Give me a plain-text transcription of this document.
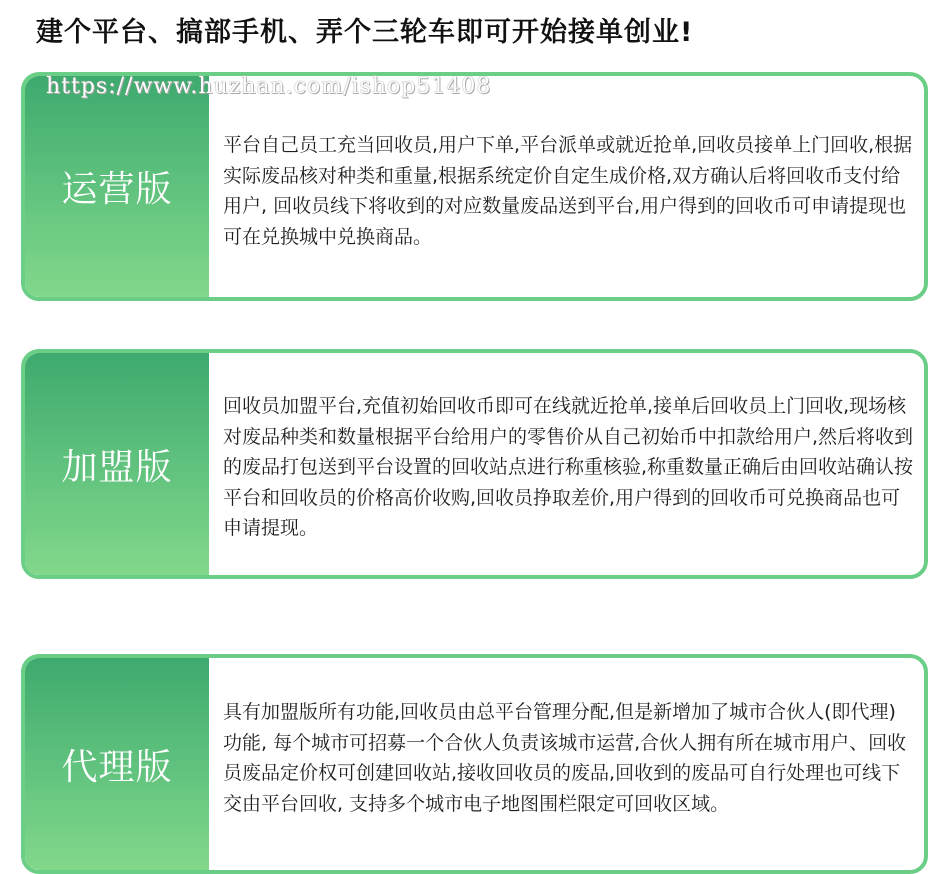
建个平台、搞部手机、弄个三轮车即可开始接单创业!
https://www.huzhan.com/ishop51408
运营版
平台自己员工充当回收员,用户下单,平台派单或就近抢单,回收员接单上门回收,根据实际废品核对种类和重量,根据系统定价自定生成价格,双方确认后将回收币支付给用户, 回收员线下将收到的对应数量废品送到平台,用户得到的回收币可申请提现也可在兑换城中兑换商品。
加盟版
回收员加盟平台,充值初始回收币即可在线就近抢单,接单后回收员上门回收,现场核对废品种类和数量根据平台给用户的零售价从自己初始币中扣款给用户,然后将收到的废品打包送到平台设置的回收站点进行称重核验,称重数量正确后由回收站确认按平台和回收员的价格高价收购,回收员挣取差价,用户得到的回收币可兑换商品也可申请提现。
代理版
具有加盟版所有功能,回收员由总平台管理分配,但是新增加了城市合伙人(即代理)功能, 每个城市可招募一个合伙人负责该城市运营,合伙人拥有所在城市用户、回收员废品定价权可创建回收站,接收回收员的废品,回收到的废品可自行处理也可线下交由平台回收, 支持多个城市电子地图围栏限定可回收区域。
